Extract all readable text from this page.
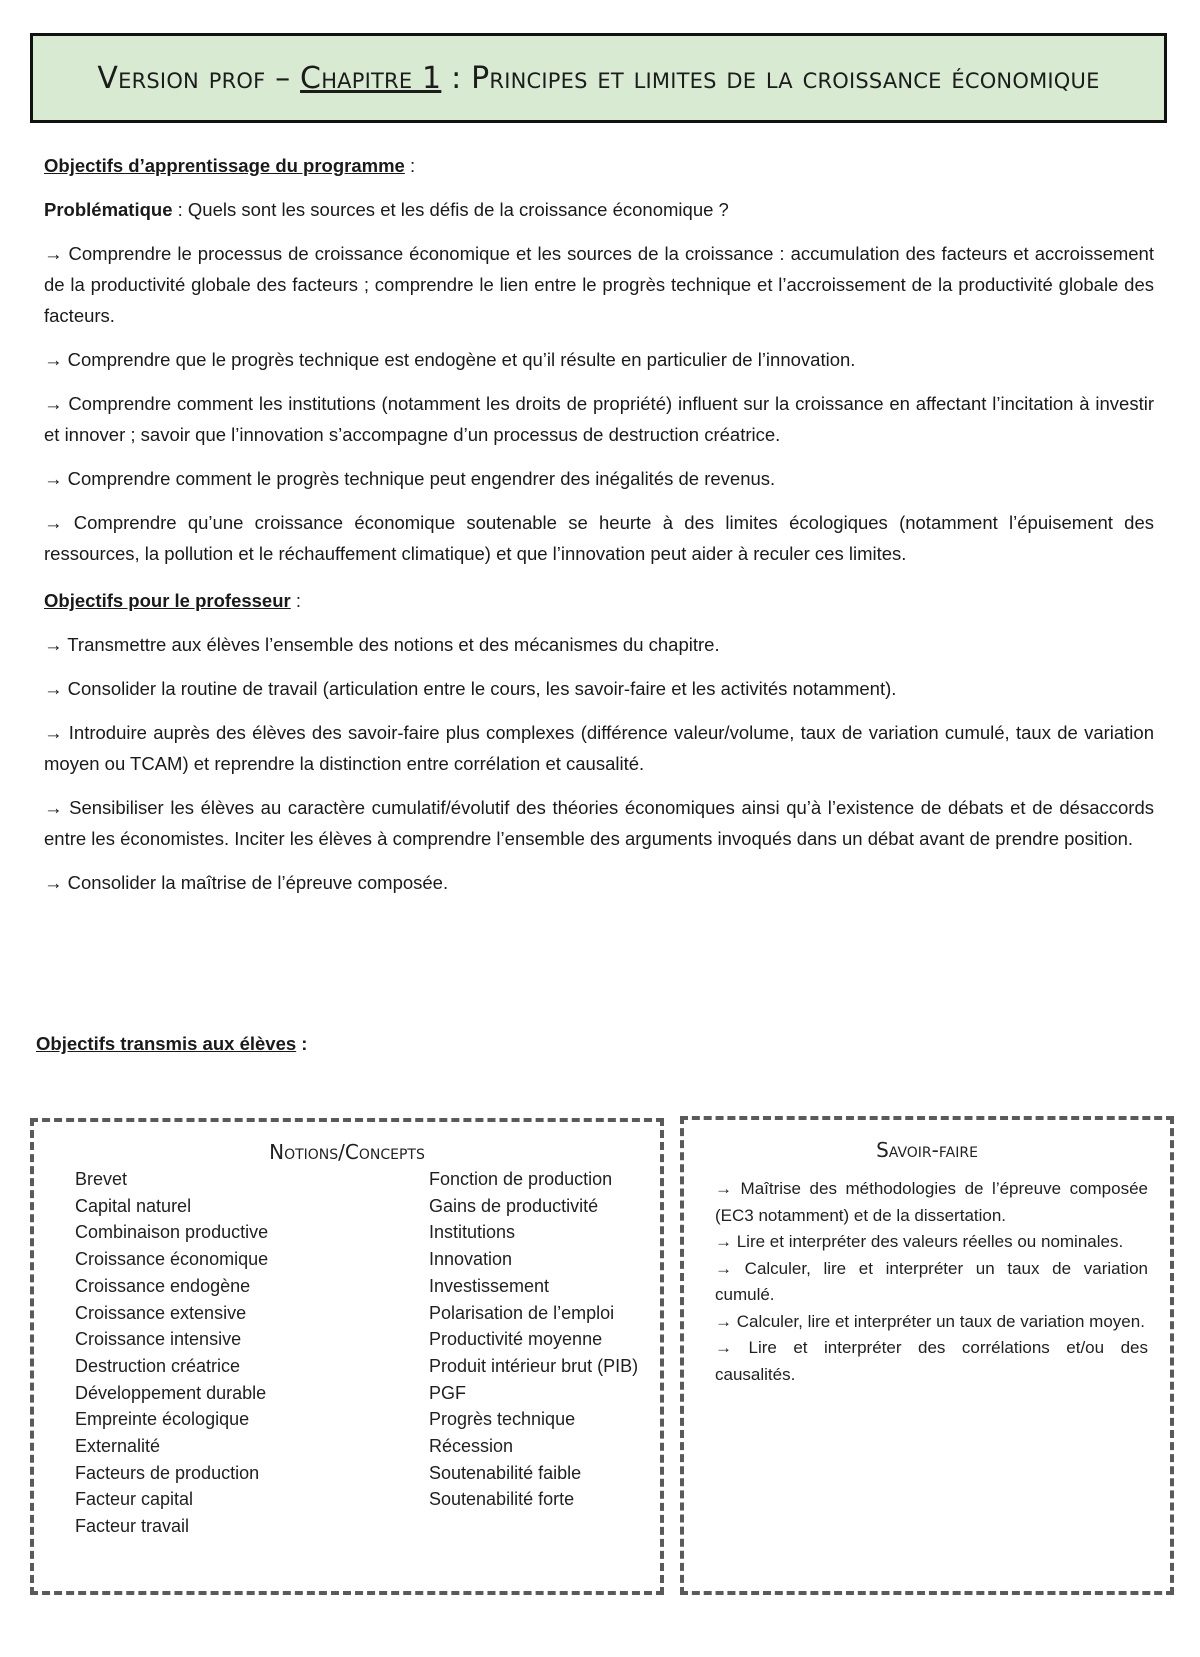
Version prof – Chapitre 1 : Principes et limites de la croissance économique

Objectifs d’apprentissage du programme :

Problématique : Quels sont les sources et les défis de la croissance économique ?

→ Comprendre le processus de croissance économique et les sources de la croissance : accumulation des facteurs et accroissement de la productivité globale des facteurs ; comprendre le lien entre le progrès technique et l’accroissement de la productivité globale des facteurs.

→ Comprendre que le progrès technique est endogène et qu’il résulte en particulier de l’innovation.

→ Comprendre comment les institutions (notamment les droits de propriété) influent sur la croissance en affectant l’incitation à investir et innover ; savoir que l’innovation s’accompagne d’un processus de destruction créatrice.

→ Comprendre comment le progrès technique peut engendrer des inégalités de revenus.

→ Comprendre qu’une croissance économique soutenable se heurte à des limites écologiques (notamment l’épuisement des ressources, la pollution et le réchauffement climatique) et que l’innovation peut aider à reculer ces limites.

Objectifs pour le professeur :

→ Transmettre aux élèves l’ensemble des notions et des mécanismes du chapitre.

→ Consolider la routine de travail (articulation entre le cours, les savoir-faire et les activités notamment).

→ Introduire auprès des élèves des savoir-faire plus complexes (différence valeur/volume, taux de variation cumulé, taux de variation moyen ou TCAM) et reprendre la distinction entre corrélation et causalité.

→ Sensibiliser les élèves au caractère cumulatif/évolutif des théories économiques ainsi qu’à l’existence de débats et de désaccords entre les économistes. Inciter les élèves à comprendre l’ensemble des arguments invoqués dans un débat avant de prendre position.

→ Consolider la maîtrise de l’épreuve composée.

Objectifs transmis aux élèves :
Notions/Concepts
Brevet
Capital naturel
Combinaison productive
Croissance économique
Croissance endogène
Croissance extensive
Croissance intensive
Destruction créatrice
Développement durable
Empreinte écologique
Externalité
Facteurs de production
Facteur capital
Facteur travail
Fonction de production
Gains de productivité
Institutions
Innovation
Investissement
Polarisation de l’emploi
Productivité moyenne
Produit intérieur brut (PIB)
PGF
Progrès technique
Récession
Soutenabilité faible
Soutenabilité forte
Savoir-faire
→ Maîtrise des méthodologies de l’épreuve composée (EC3 notamment) et de la dissertation.
→ Lire et interpréter des valeurs réelles ou nominales.
→ Calculer, lire et interpréter un taux de variation cumulé.
→ Calculer, lire et interpréter un taux de variation moyen.
→ Lire et interpréter des corrélations et/ou des causalités.
